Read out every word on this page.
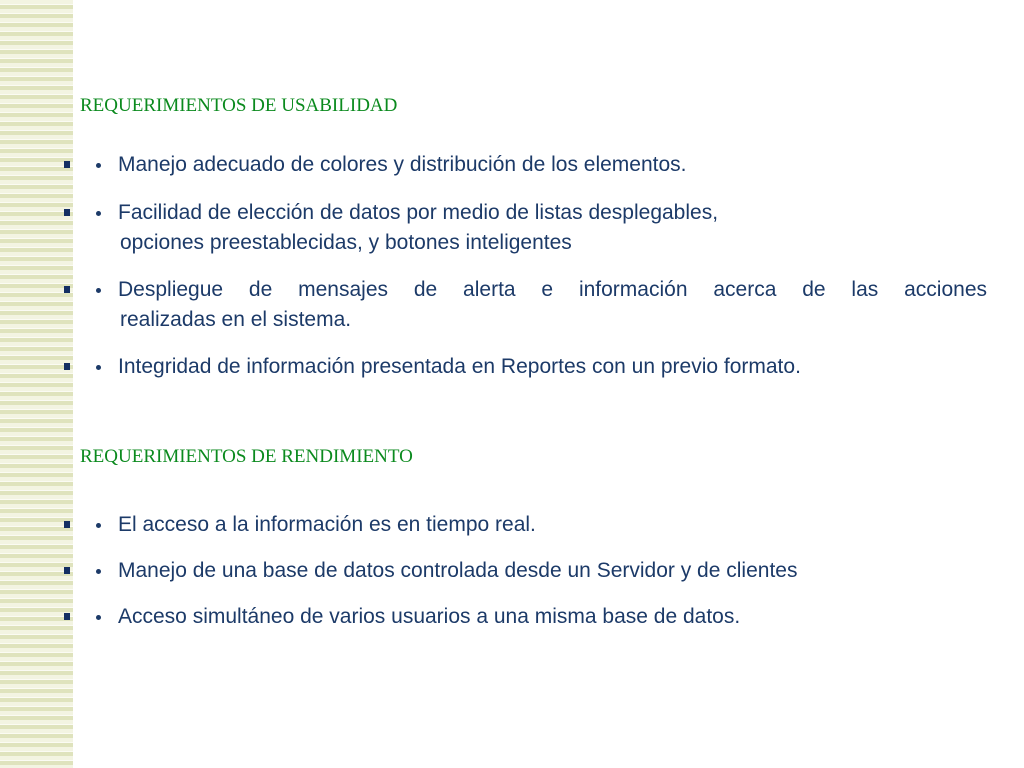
REQUERIMIENTOS DE USABILIDAD
Manejo adecuado de colores y distribución de los elementos.
Facilidad de elección de datos por medio de listas desplegables,
opciones preestablecidas, y botones inteligentes
Despliegue de mensajes de alerta e información acerca de las acciones
realizadas en el sistema.
Integridad de información presentada en Reportes con un previo formato.
REQUERIMIENTOS DE RENDIMIENTO
El acceso a la información es en tiempo real.
Manejo de una base de datos controlada desde un Servidor y de clientes
Acceso simultáneo de varios usuarios a una misma base de datos.
